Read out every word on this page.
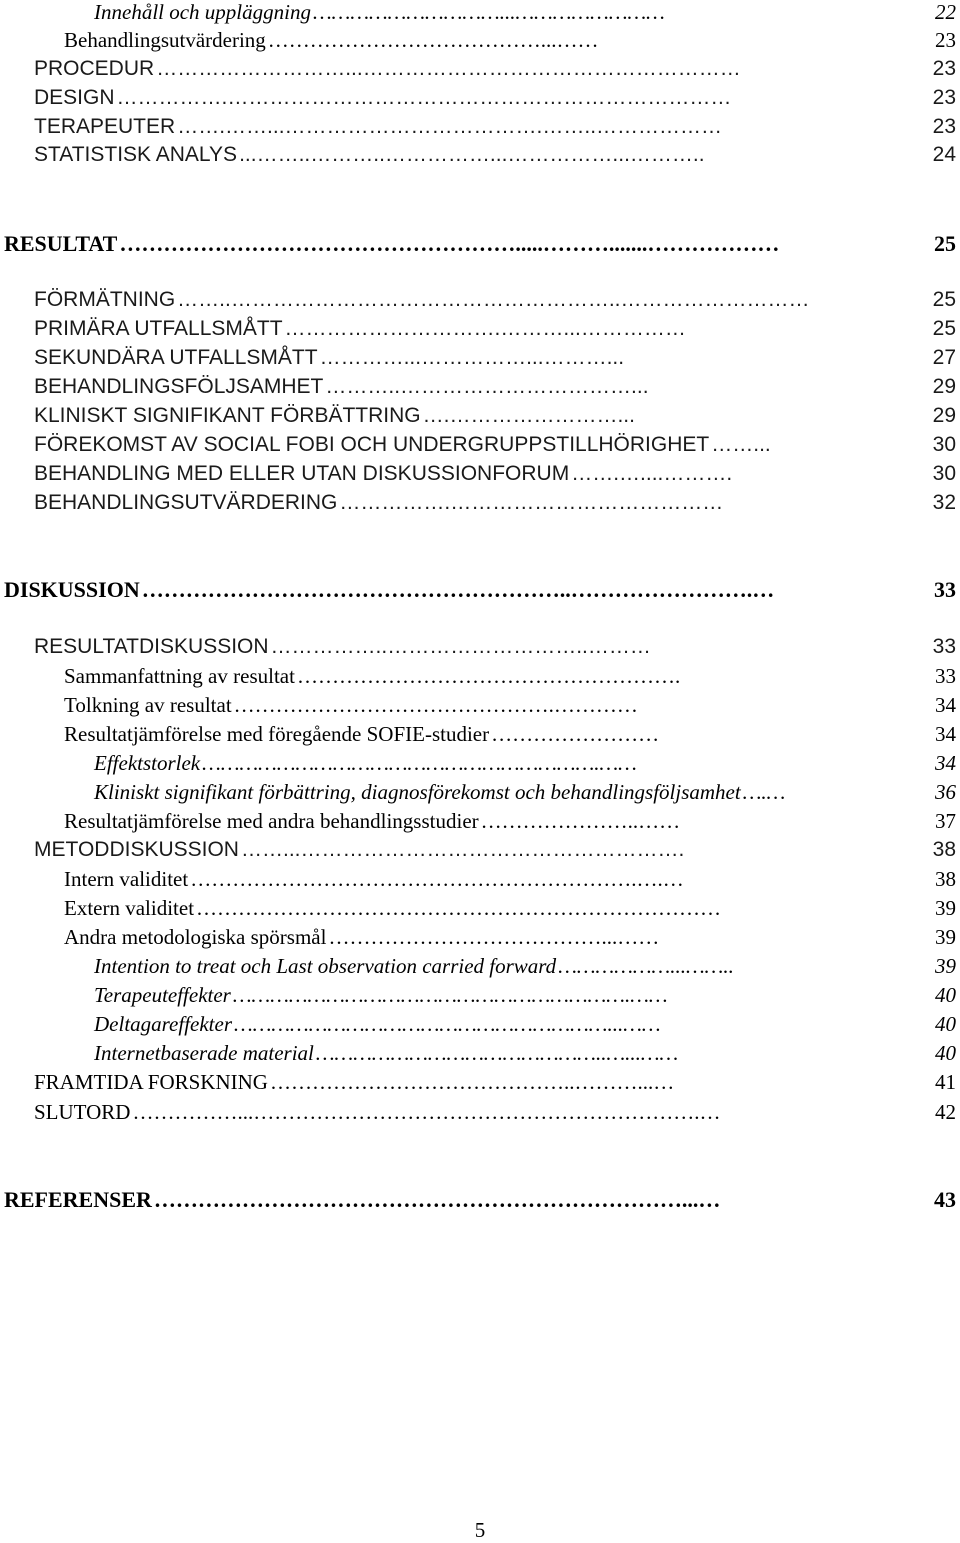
Innehåll och uppläggning …………………………...……………………	22
Behandlingsutvärdering …………………………………...……	23
PROCEDUR ………………………...………………………………………………	23
DESIGN …………….………………………………………………………………	23
TERAPEUTER …….……...……………………………….……..………………	23
STATISTISK ANALYS ...……..………..……………...……………...………..	24
RESULTAT ……………………………………………….....……….......………………	25
FÖRMÄTNING ……..………………………………………………..………………………	25
PRIMÄRA UTFALLSMÅTT ………………………….………...……………	25
SEKUNDÄRA UTFALLSMÅTT …………...……………...………...	27
BEHANDLINGSFÖLJSAMHET ………..……………………………...	29
KLINISKT SIGNIFIKANT FÖRBÄTTRING ….……………………...	29
FÖREKOMST AV SOCIAL FOBI OCH UNDERGRUPPSTILLHÖRIGHET ……...	30
BEHANDLING MED ELLER UTAN DISKUSSIONFORUM …….…....……….	30
BEHANDLINGSUTVÄRDERING …………….…………………………………	32
DISKUSSION …………………………………………………..…………………….…	33
RESULTATDISKUSSION ……………..………………………..………	33
Sammanfattning av resultat ……………………………………………….	33
Tolkning av resultat ……………………………………….…………	34
Resultatjämförelse med föregående SOFIE-studier ……………………	34
Effektstorlek ……………………………………………………….……	34
Kliniskt signifikant förbättring, diagnosförekomst och behandlingsföljsamhet ….…	36
Resultatjämförelse med andra behandlingsstudier …………………..……	37
METODDISKUSSION ……...……………………………………………….	38
Intern validitet ……………………………………………………….….…	38
Extern validitet …………………………………………………………………	39
Andra metodologiska spörsmål …………………………………...……	39
Intention to treat och Last observation carried forward ………………...……..	39
Terapeuteffekter ……………………………………………………….……	40
Deltagareffekter ……………………………………………………...……	40
Internetbaserade material ………………………………………..…...……	40
FRAMTIDA FORSKNING ……………………………………..………...…	41
SLUTORD ……………...……………………………………………………….…	42
REFERENSER ………………………………………………………………...…	43
5
